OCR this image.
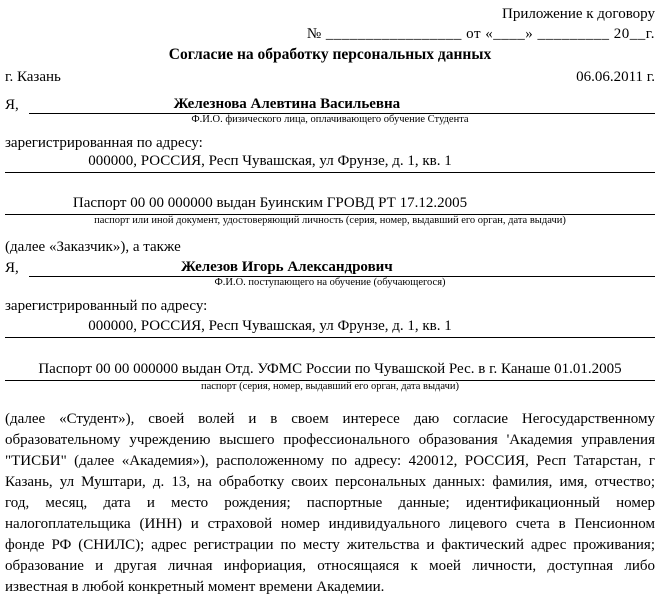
Приложение к договору
№ _________________ от «____» _________ 20__г.
Согласие на обработку персональных данных
г. Казань	06.06.2011 г.
Я,	Железнова Алевтина Васильевна
Ф.И.О. физического лица, оплачивающего обучение Студента
зарегистрированная по адресу:
000000, РОССИЯ, Респ Чувашская, ул Фрунзе, д. 1, кв. 1
Паспорт 00 00 000000 выдан Буинским ГРОВД РТ 17.12.2005
паспорт или иной документ, удостоверяющий личность (серия, номер, выдавший его орган, дата выдачи)
(далее «Заказчик»), а также
Я,	Железов Игорь Александрович
Ф.И.О. поступающего на обучение (обучающегося)
зарегистрированный по адресу:
000000, РОССИЯ, Респ Чувашская, ул Фрунзе, д. 1, кв. 1
Паспорт 00 00 000000 выдан Отд. УФМС России по Чувашской Рес. в г. Канаше 01.01.2005
паспорт (серия, номер, выдавший его орган, дата выдачи)
(далее «Студент»), своей волей и в своем интересе даю согласие Негосударственному
образовательному учреждению высшего профессионального образования 'Академия управления
"ТИСБИ" (далее «Академия»), расположенному по адресу: 420012, РОССИЯ, Респ Татарстан, г
Казань, ул Муштари, д. 13, на обработку своих персональных данных: фамилия, имя, отчество;
год, месяц, дата и место рождения; паспортные данные; идентификационный номер
налогоплательщика (ИНН) и страховой номер индивидуального лицевого счета в Пенсионном
фонде РФ (СНИЛС); адрес регистрации по месту жительства и фактический адрес проживания;
образование и другая личная инфориация, относящаяся к моей личности, доступная либо
известная в любой конкретный момент времени Академии.
